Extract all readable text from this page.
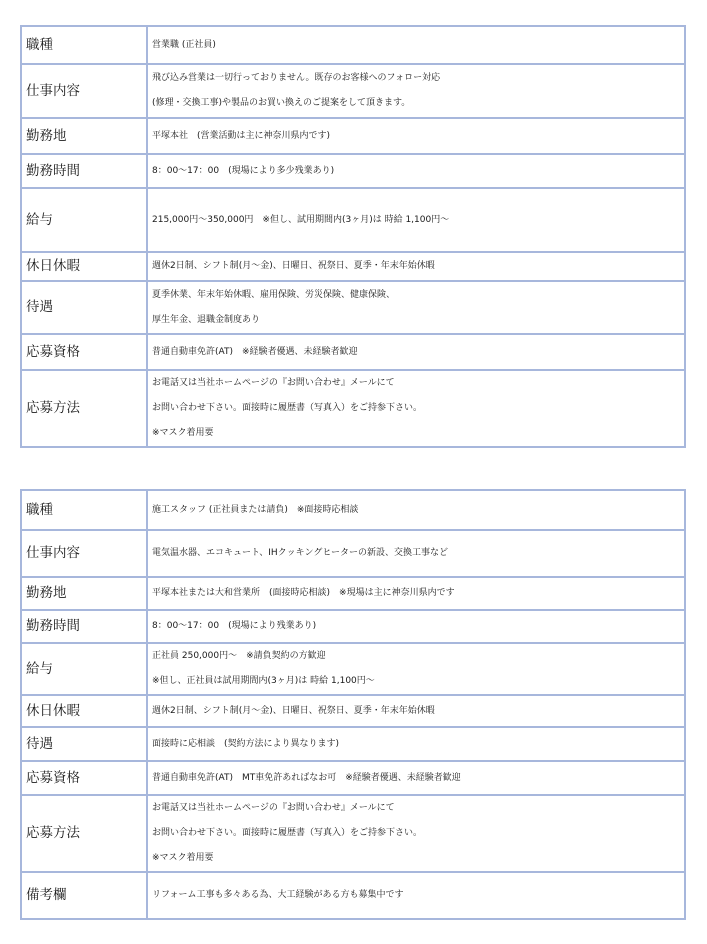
職種	営業職 (正社員)

仕事内容	飛び込み営業は一切行っておりません。既存のお客様へのフォロー対応
(修理・交換工事)や製品のお買い換えのご提案をして頂きます。

勤務地	平塚本社　(営業活動は主に神奈川県内です)

勤務時間	8：00～17：00　(現場により多少残業あり)

給与	215,000円～350,000円　※但し、試用期間内(3ヶ月)は 時給 1,100円～

休日休暇	週休2日制、シフト制(月～金)、日曜日、祝祭日、夏季・年末年始休暇

待遇	夏季休業、年末年始休暇、雇用保険、労災保険、健康保険、
厚生年金、退職金制度あり

応募資格	普通自動車免許(AT)　※経験者優遇、未経験者歓迎

応募方法	お電話又は当社ホームページの『お問い合わせ』メールにて
お問い合わせ下さい。面接時に履歴書（写真入）をご持参下さい。
※マスク着用要
職種	施工スタッフ (正社員または請負)　※面接時応相談

仕事内容	電気温水器、エコキュート、IHクッキングヒーターの新設、交換工事など

勤務地	平塚本社または大和営業所　(面接時応相談)　※現場は主に神奈川県内です

勤務時間	8：00～17：00　(現場により残業あり)

給与	正社員 250,000円～　※請負契約の方歓迎
※但し、正社員は試用期間内(3ヶ月)は 時給 1,100円～

休日休暇	週休2日制、シフト制(月～金)、日曜日、祝祭日、夏季・年末年始休暇

待遇	面接時に応相談　(契約方法により異なります)

応募資格	普通自動車免許(AT)　MT車免許あればなお可　※経験者優遇、未経験者歓迎

応募方法	お電話又は当社ホームページの『お問い合わせ』メールにて
お問い合わせ下さい。面接時に履歴書（写真入）をご持参下さい。
※マスク着用要

備考欄	リフォーム工事も多々ある為、大工経験がある方も募集中です
